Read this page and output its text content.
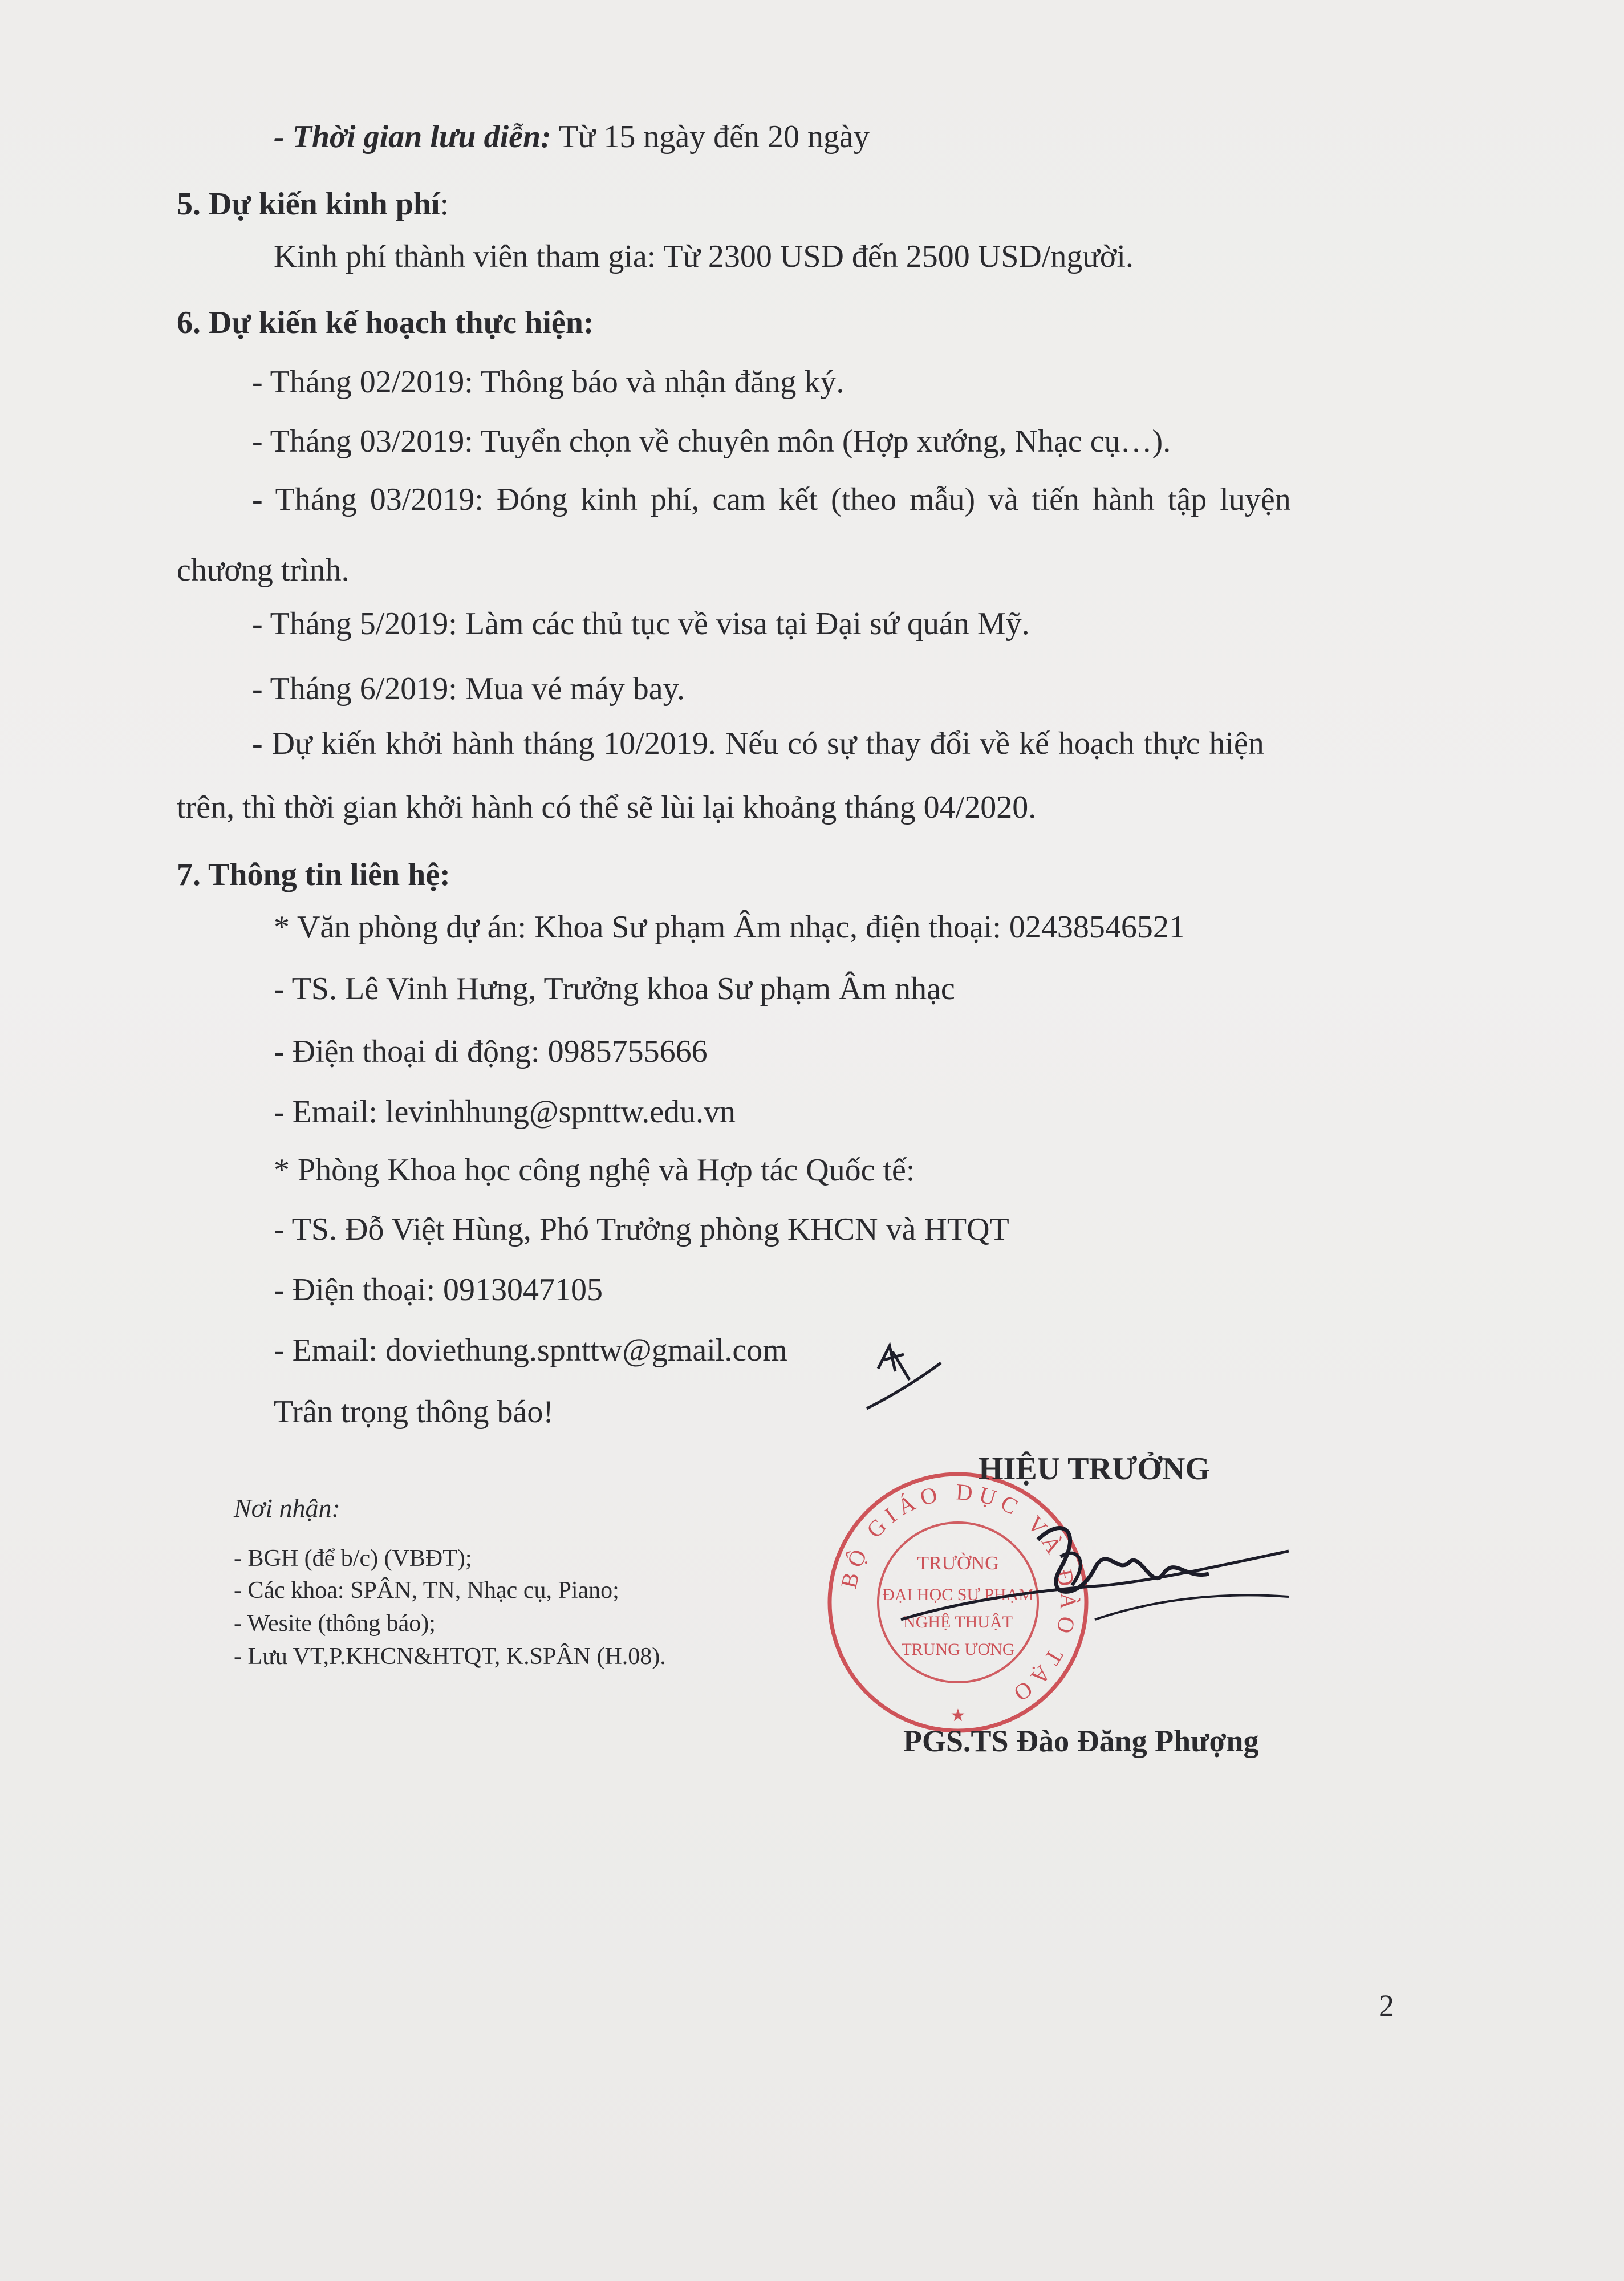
- Thời gian lưu diễn: Từ 15 ngày đến 20 ngày
5. Dự kiến kinh phí:
Kinh phí thành viên tham gia: Từ 2300 USD đến 2500 USD/người.
6. Dự kiến kế hoạch thực hiện:
- Tháng 02/2019: Thông báo và nhận đăng ký.
- Tháng 03/2019: Tuyển chọn về chuyên môn (Hợp xướng, Nhạc cụ…).
- Tháng 03/2019: Đóng kinh phí, cam kết (theo mẫu) và tiến hành tập luyện
chương trình.
- Tháng 5/2019: Làm các thủ tục về visa tại Đại sứ quán Mỹ.
- Tháng 6/2019: Mua vé máy bay.
- Dự kiến khởi hành tháng 10/2019. Nếu có sự thay đổi về kế hoạch thực hiện
trên, thì thời gian khởi hành có thể sẽ lùi lại khoảng tháng 04/2020.
7. Thông tin liên hệ:
* Văn phòng dự án: Khoa Sư phạm Âm nhạc, điện thoại: 02438546521
- TS. Lê Vinh Hưng, Trưởng khoa Sư phạm Âm nhạc
- Điện thoại di động: 0985755666
- Email: levinhhung@spnttw.edu.vn
* Phòng Khoa học công nghệ và Hợp tác Quốc tế:
- TS. Đỗ Việt Hùng, Phó Trưởng phòng KHCN và HTQT
- Điện thoại: 0913047105
- Email: doviethung.spnttw@gmail.com
Trân trọng thông báo!
Nơi nhận:
- BGH (để b/c) (VBĐT);
- Các khoa: SPÂN, TN, Nhạc cụ, Piano;
- Wesite (thông báo);
- Lưu VT,P.KHCN&HTQT, K.SPÂN (H.08).
BỘ GIÁO DỤC VÀ ĐÀO TẠO
TRƯỜNG
ĐẠI HỌC SƯ PHẠM
NGHỆ THUẬT
TRUNG ƯƠNG
★
HIỆU TRƯỞNG
PGS.TS Đào Đăng Phượng
2
